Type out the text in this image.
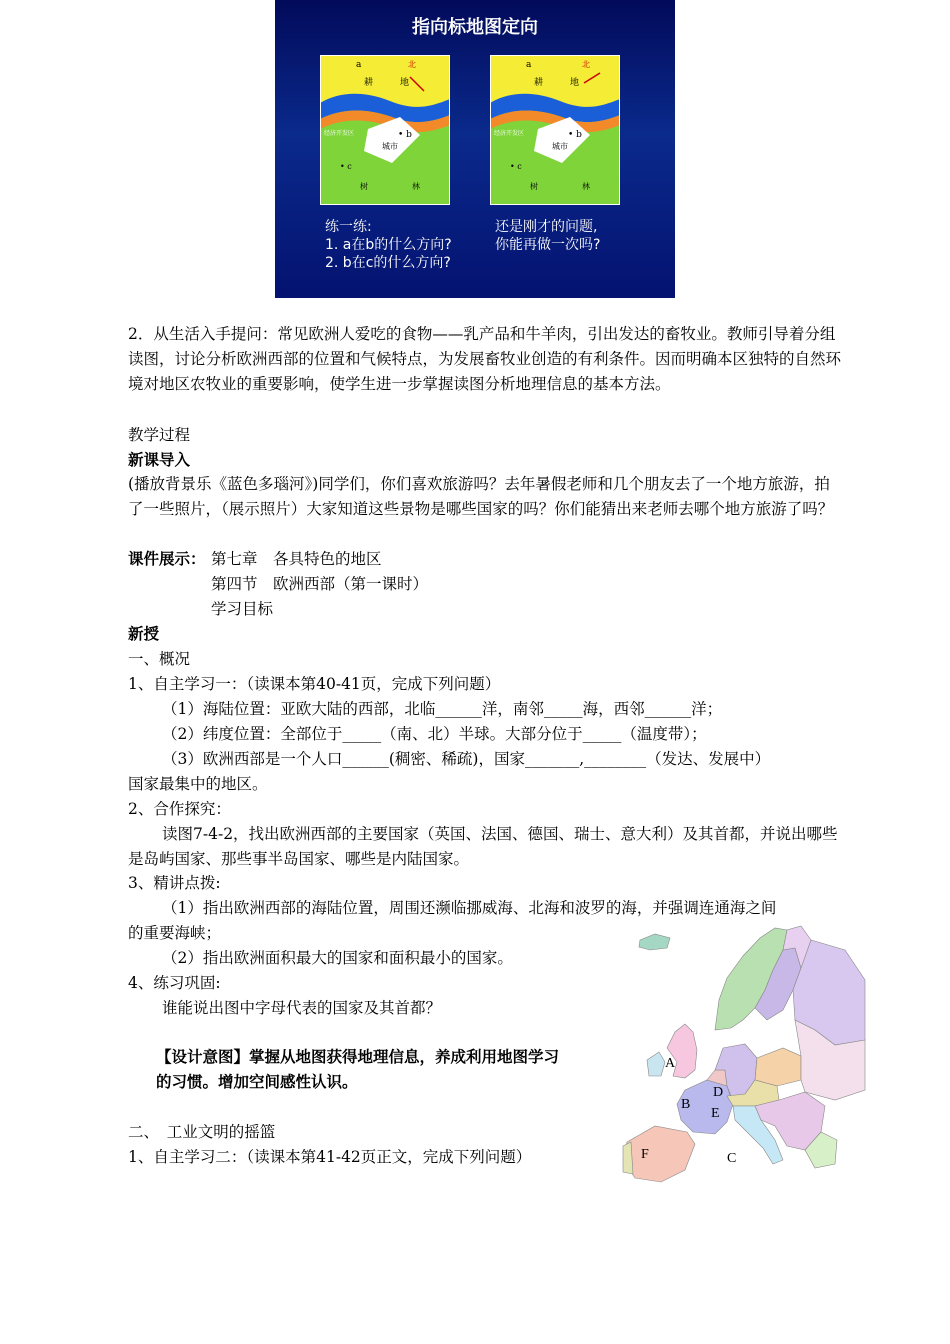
指向标地图定向
a
耕	地
北
经济开发区	• b
城市
• c
树	林
a
耕	地
北
经济开发区	• b
城市
• c
树	林
练一练:
1. a在b的什么方向?
2. b在c的什么方向?
还是刚才的问题,
你能再做一次吗?
2．从生活入手提问：常见欧洲人爱吃的食物——乳产品和牛羊肉，引出发达的畜牧业。教师引导着分组读图，讨论分析欧洲西部的位置和气候特点，为发展畜牧业创造的有利条件。因而明确本区独特的自然环境对地区农牧业的重要影响，使学生进一步掌握读图分析地理信息的基本方法。
教学过程
新课导入
(播放背景乐《蓝色多瑙河》)同学们，你们喜欢旅游吗？去年暑假老师和几个朋友去了一个地方旅游，拍了一些照片，（展示照片）大家知道这些景物是哪些国家的吗？你们能猜出来老师去哪个地方旅游了吗？
课件展示： 第七章　各具特色的地区
第四节　欧洲西部（第一课时）
学习目标
新授
一、概况
1、自主学习一：（读课本第40-41页，完成下列问题）
（1）海陆位置：亚欧大陆的西部，北临______洋，南邻_____海，西邻______洋；
（2）纬度位置：全部位于_____（南、北）半球。大部分位于_____（温度带）；
（3）欧洲西部是一个人口______(稠密、稀疏)，国家_______,________（发达、发展中）
国家最集中的地区。
2、合作探究：
读图7-4-2，找出欧洲西部的主要国家（英国、法国、德国、瑞士、意大利）及其首都，并说出哪些是岛屿国家、那些事半岛国家、哪些是内陆国家。
3、精讲点拨:
（1）指出欧洲西部的海陆位置，周围还濒临挪威海、北海和波罗的海，并强调连通海之间
的重要海峡；
（2）指出欧洲面积最大的国家和面积最小的国家。
4、练习巩固:
谁能说出图中字母代表的国家及其首都？
【设计意图】掌握从地图获得地理信息，养成利用地图学习
的习惯。增加空间感性认识。
二、　工业文明的摇篮
1、自主学习二：（读课本第41-42页正文，完成下列问题）
A
B
C
D
E
F
